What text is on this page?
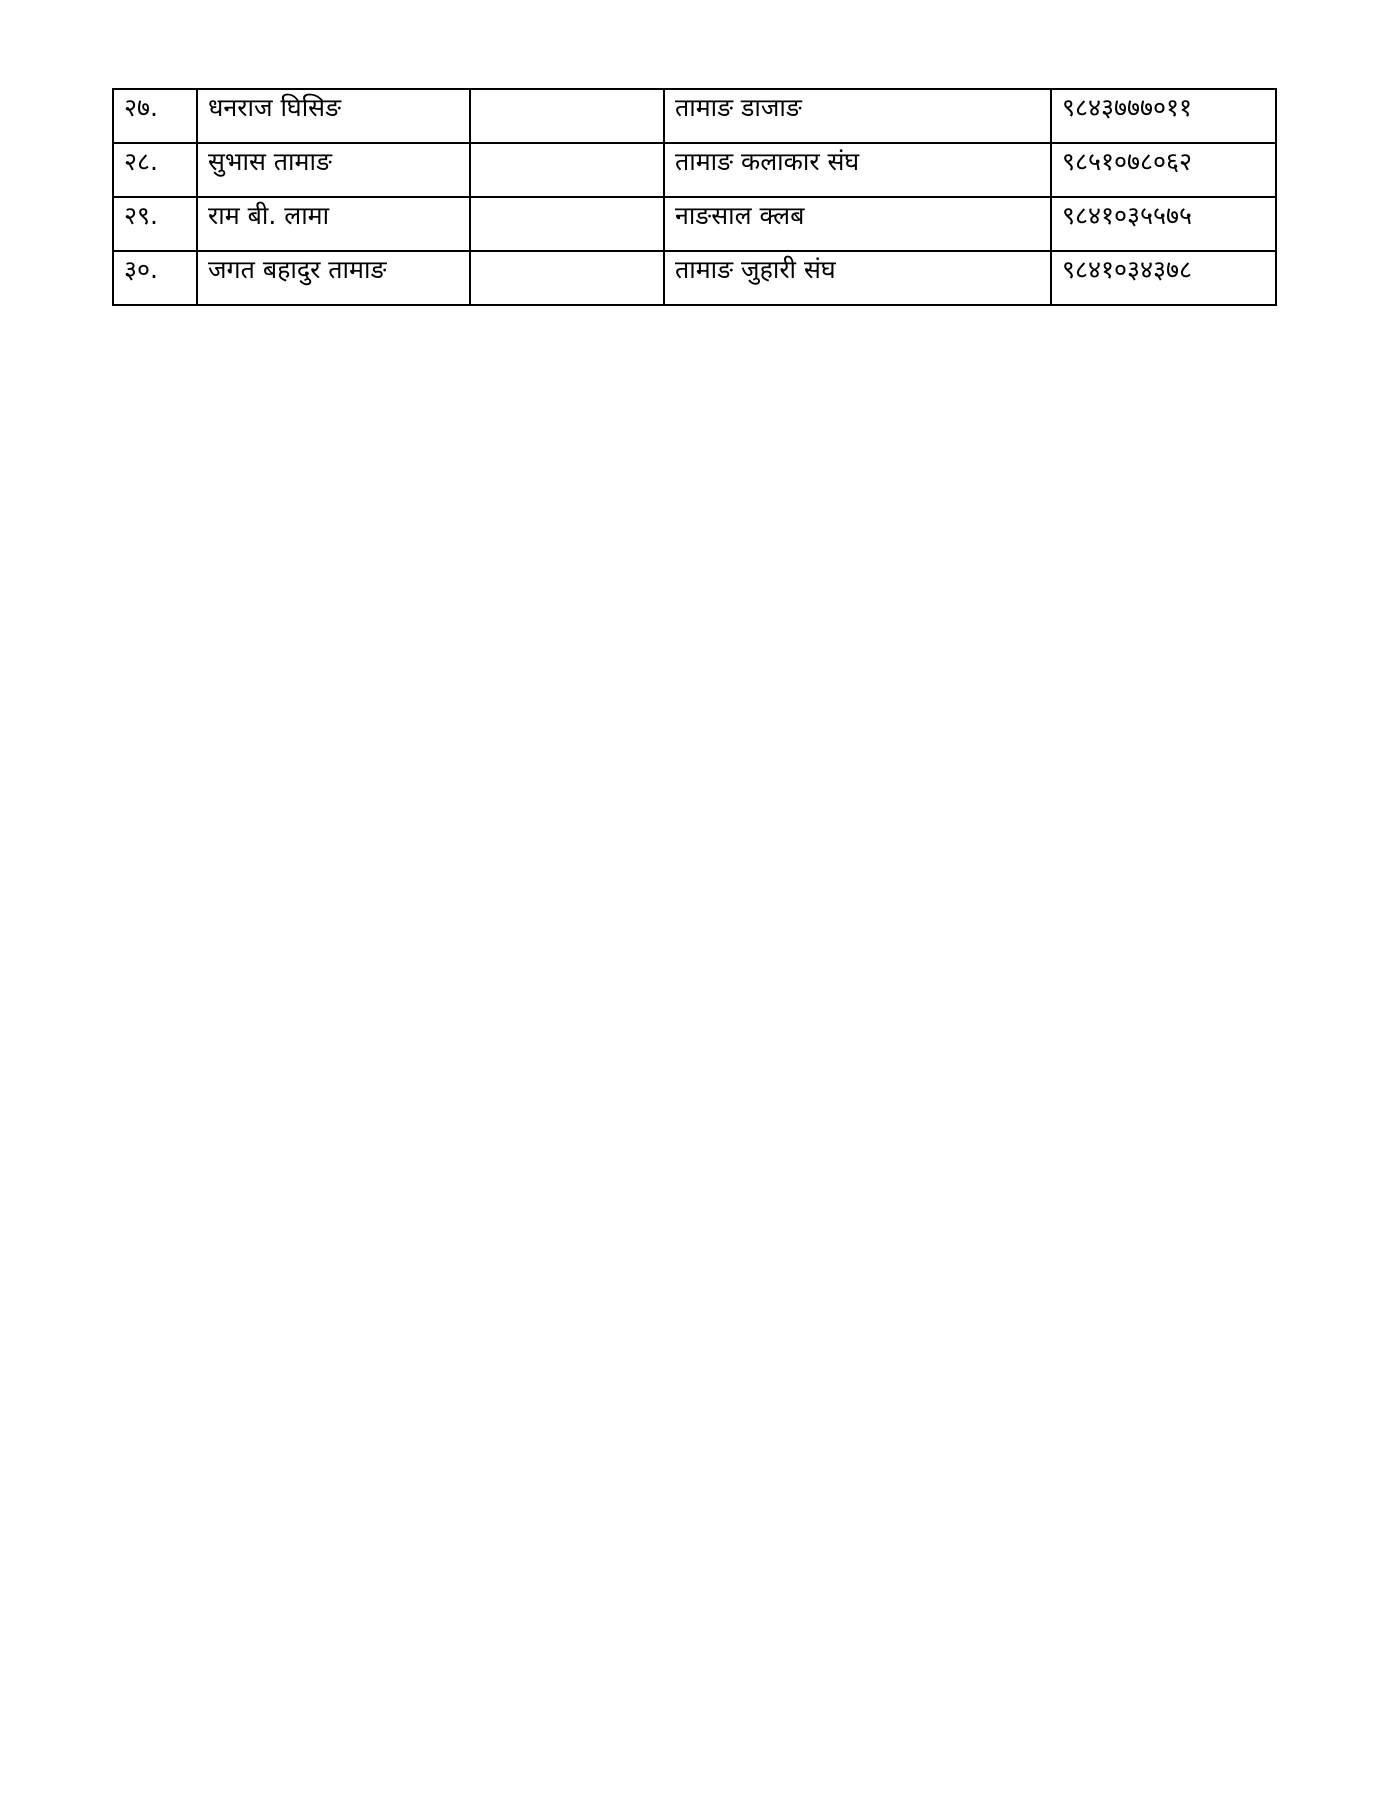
२७.	धनराज घिसिङ		तामाङ डाजाङ	९८४३७७७०११
२८.	सुभास तामाङ		तामाङ कलाकार संघ	९८५१०७८०६२
२९.	राम बी. लामा		नाङसाल क्लब	९८४१०३५५७५
३०.	जगत बहादुर तामाङ		तामाङ जुहारी संघ	९८४१०३४३७८
